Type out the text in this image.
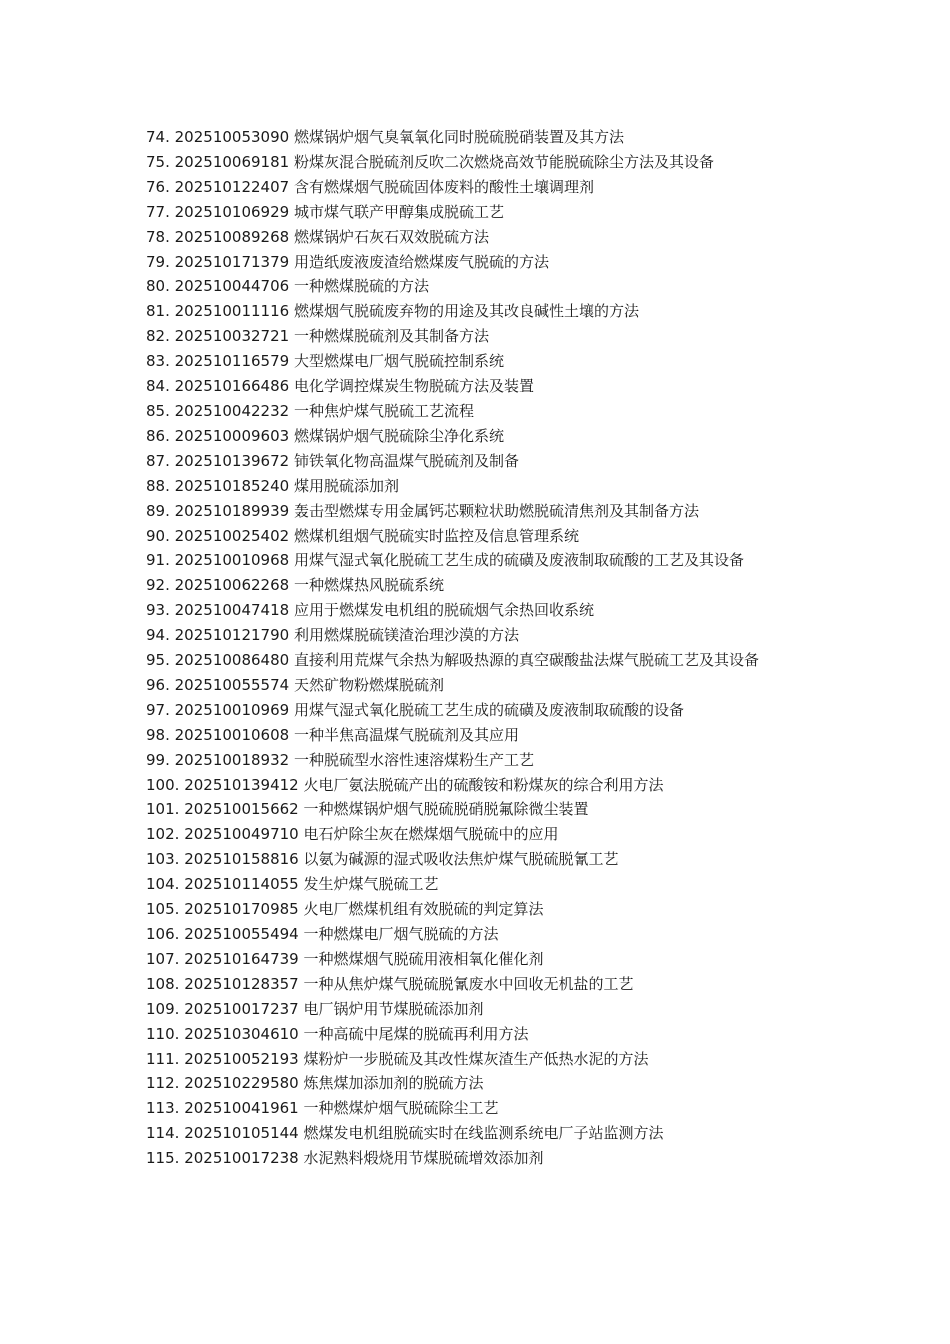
74. 202510053090 燃煤锅炉烟气臭氧氧化同时脱硫脱硝装置及其方法
75. 202510069181 粉煤灰混合脱硫剂反吹二次燃烧高效节能脱硫除尘方法及其设备
76. 202510122407 含有燃煤烟气脱硫固体废料的酸性土壤调理剂
77. 202510106929 城市煤气联产甲醇集成脱硫工艺
78. 202510089268 燃煤锅炉石灰石双效脱硫方法
79. 202510171379 用造纸废液废渣给燃煤废气脱硫的方法
80. 202510044706 一种燃煤脱硫的方法
81. 202510011116 燃煤烟气脱硫废弃物的用途及其改良碱性土壤的方法
82. 202510032721 一种燃煤脱硫剂及其制备方法
83. 202510116579 大型燃煤电厂烟气脱硫控制系统
84. 202510166486 电化学调控煤炭生物脱硫方法及装置
85. 202510042232 一种焦炉煤气脱硫工艺流程
86. 202510009603 燃煤锅炉烟气脱硫除尘净化系统
87. 202510139672 铈铁氧化物高温煤气脱硫剂及制备
88. 202510185240 煤用脱硫添加剂
89. 202510189939 轰击型燃煤专用金属钙芯颗粒状助燃脱硫清焦剂及其制备方法
90. 202510025402 燃煤机组烟气脱硫实时监控及信息管理系统
91. 202510010968 用煤气湿式氧化脱硫工艺生成的硫磺及废液制取硫酸的工艺及其设备
92. 202510062268 一种燃煤热风脱硫系统
93. 202510047418 应用于燃煤发电机组的脱硫烟气余热回收系统
94. 202510121790 利用燃煤脱硫镁渣治理沙漠的方法
95. 202510086480 直接利用荒煤气余热为解吸热源的真空碳酸盐法煤气脱硫工艺及其设备
96. 202510055574 天然矿物粉燃煤脱硫剂
97. 202510010969 用煤气湿式氧化脱硫工艺生成的硫磺及废液制取硫酸的设备
98. 202510010608 一种半焦高温煤气脱硫剂及其应用
99. 202510018932 一种脱硫型水溶性速溶煤粉生产工艺
100. 202510139412 火电厂氨法脱硫产出的硫酸铵和粉煤灰的综合利用方法
101. 202510015662 一种燃煤锅炉烟气脱硫脱硝脱氟除微尘装置
102. 202510049710 电石炉除尘灰在燃煤烟气脱硫中的应用
103. 202510158816 以氨为碱源的湿式吸收法焦炉煤气脱硫脱氰工艺
104. 202510114055 发生炉煤气脱硫工艺
105. 202510170985 火电厂燃煤机组有效脱硫的判定算法
106. 202510055494 一种燃煤电厂烟气脱硫的方法
107. 202510164739 一种燃煤烟气脱硫用液相氧化催化剂
108. 202510128357 一种从焦炉煤气脱硫脱氰废水中回收无机盐的工艺
109. 202510017237 电厂锅炉用节煤脱硫添加剂
110. 202510304610 一种高硫中尾煤的脱硫再利用方法
111. 202510052193 煤粉炉一步脱硫及其改性煤灰渣生产低热水泥的方法
112. 202510229580 炼焦煤加添加剂的脱硫方法
113. 202510041961 一种燃煤炉烟气脱硫除尘工艺
114. 202510105144 燃煤发电机组脱硫实时在线监测系统电厂子站监测方法
115. 202510017238 水泥熟料煅烧用节煤脱硫增效添加剂
